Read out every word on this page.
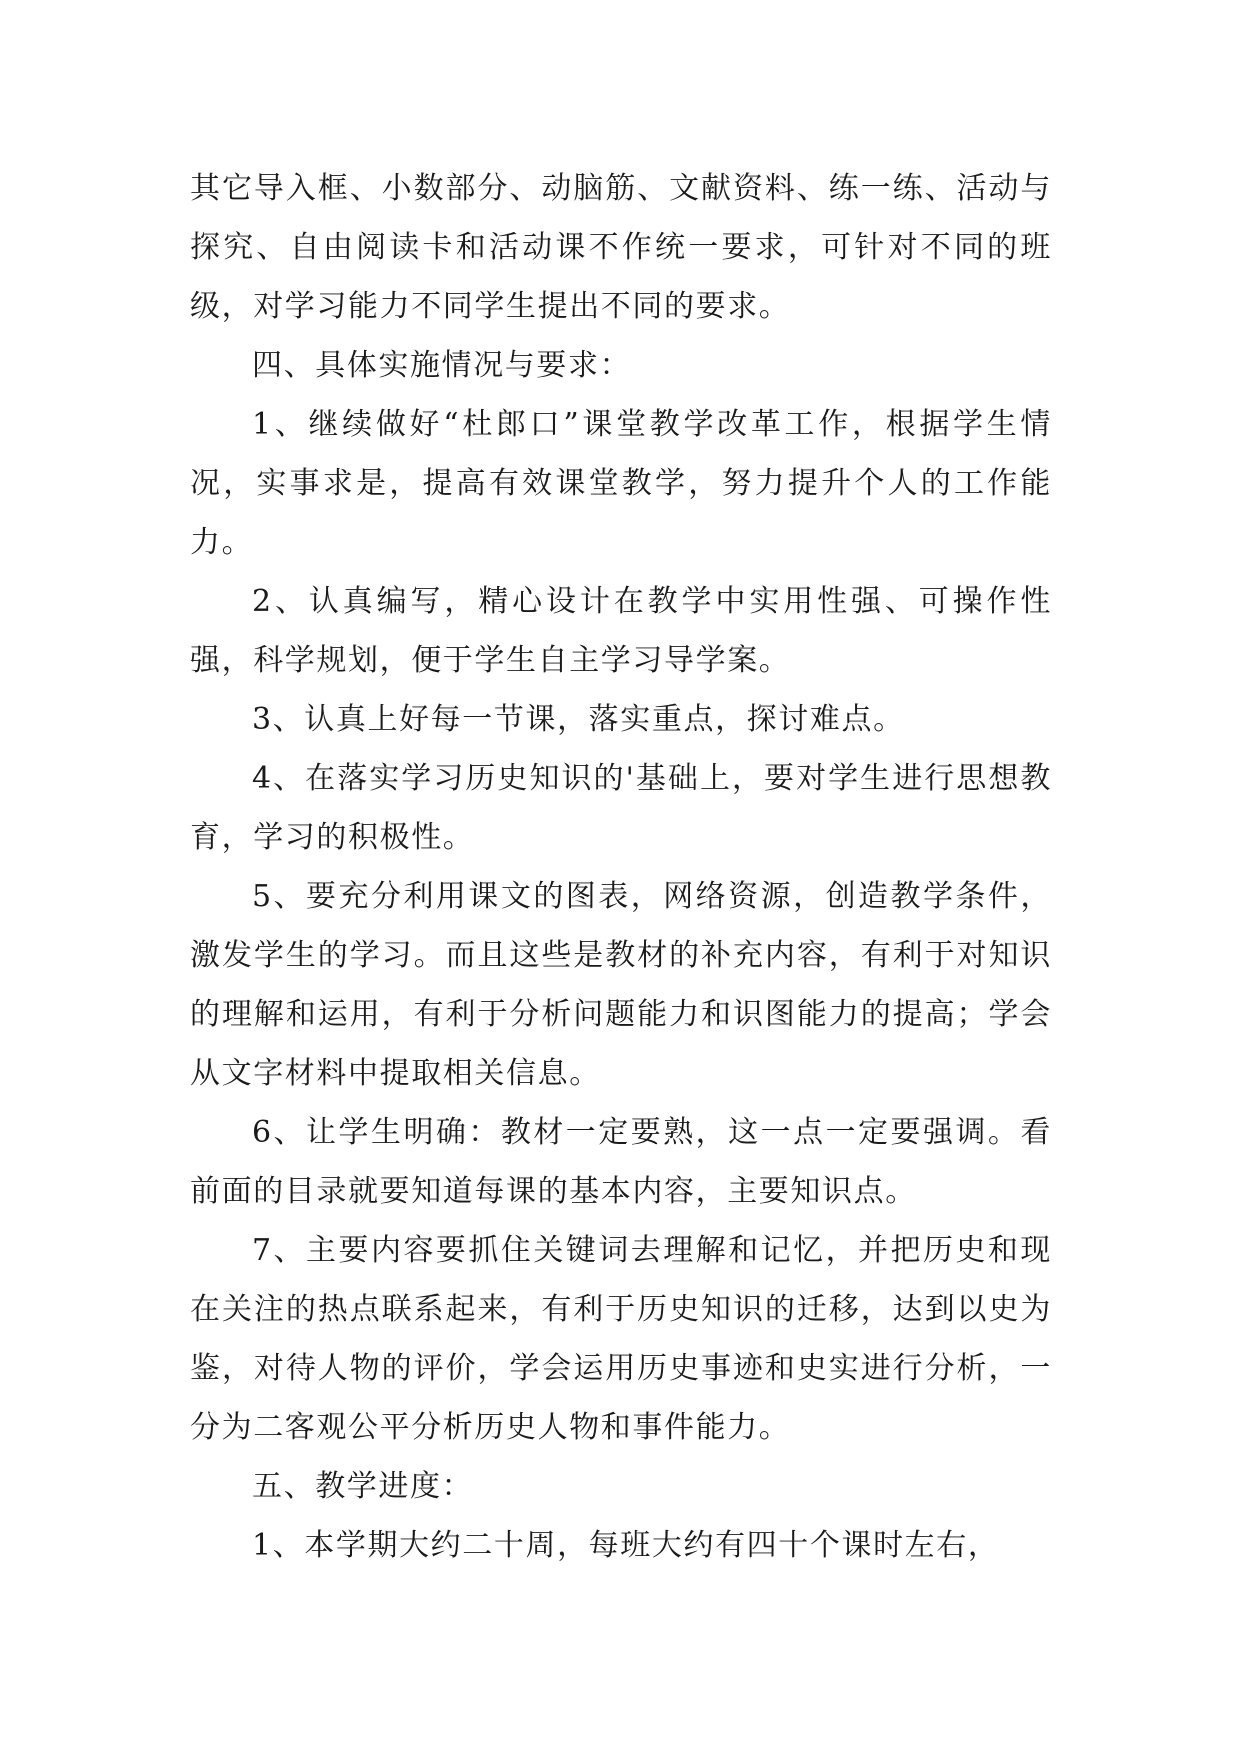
其它导入框、小数部分、动脑筋、文献资料、练一练、活动与探究、自由阅读卡和活动课不作统一要求，可针对不同的班级，对学习能力不同学生提出不同的要求。

四、具体实施情况与要求：

1、继续做好“杜郎口”课堂教学改革工作，根据学生情况，实事求是，提高有效课堂教学，努力提升个人的工作能力。

2、认真编写，精心设计在教学中实用性强、可操作性强，科学规划，便于学生自主学习导学案。

3、认真上好每一节课，落实重点，探讨难点。

4、在落实学习历史知识的'基础上，要对学生进行思想教育，学习的积极性。

5、要充分利用课文的图表，网络资源，创造教学条件，激发学生的学习。而且这些是教材的补充内容，有利于对知识的理解和运用，有利于分析问题能力和识图能力的提高；学会从文字材料中提取相关信息。

6、让学生明确：教材一定要熟，这一点一定要强调。看前面的目录就要知道每课的基本内容，主要知识点。

7、主要内容要抓住关键词去理解和记忆，并把历史和现在关注的热点联系起来，有利于历史知识的迁移，达到以史为鉴，对待人物的评价，学会运用历史事迹和史实进行分析，一分为二客观公平分析历史人物和事件能力。

五、教学进度：

1、本学期大约二十周，每班大约有四十个课时左右，
